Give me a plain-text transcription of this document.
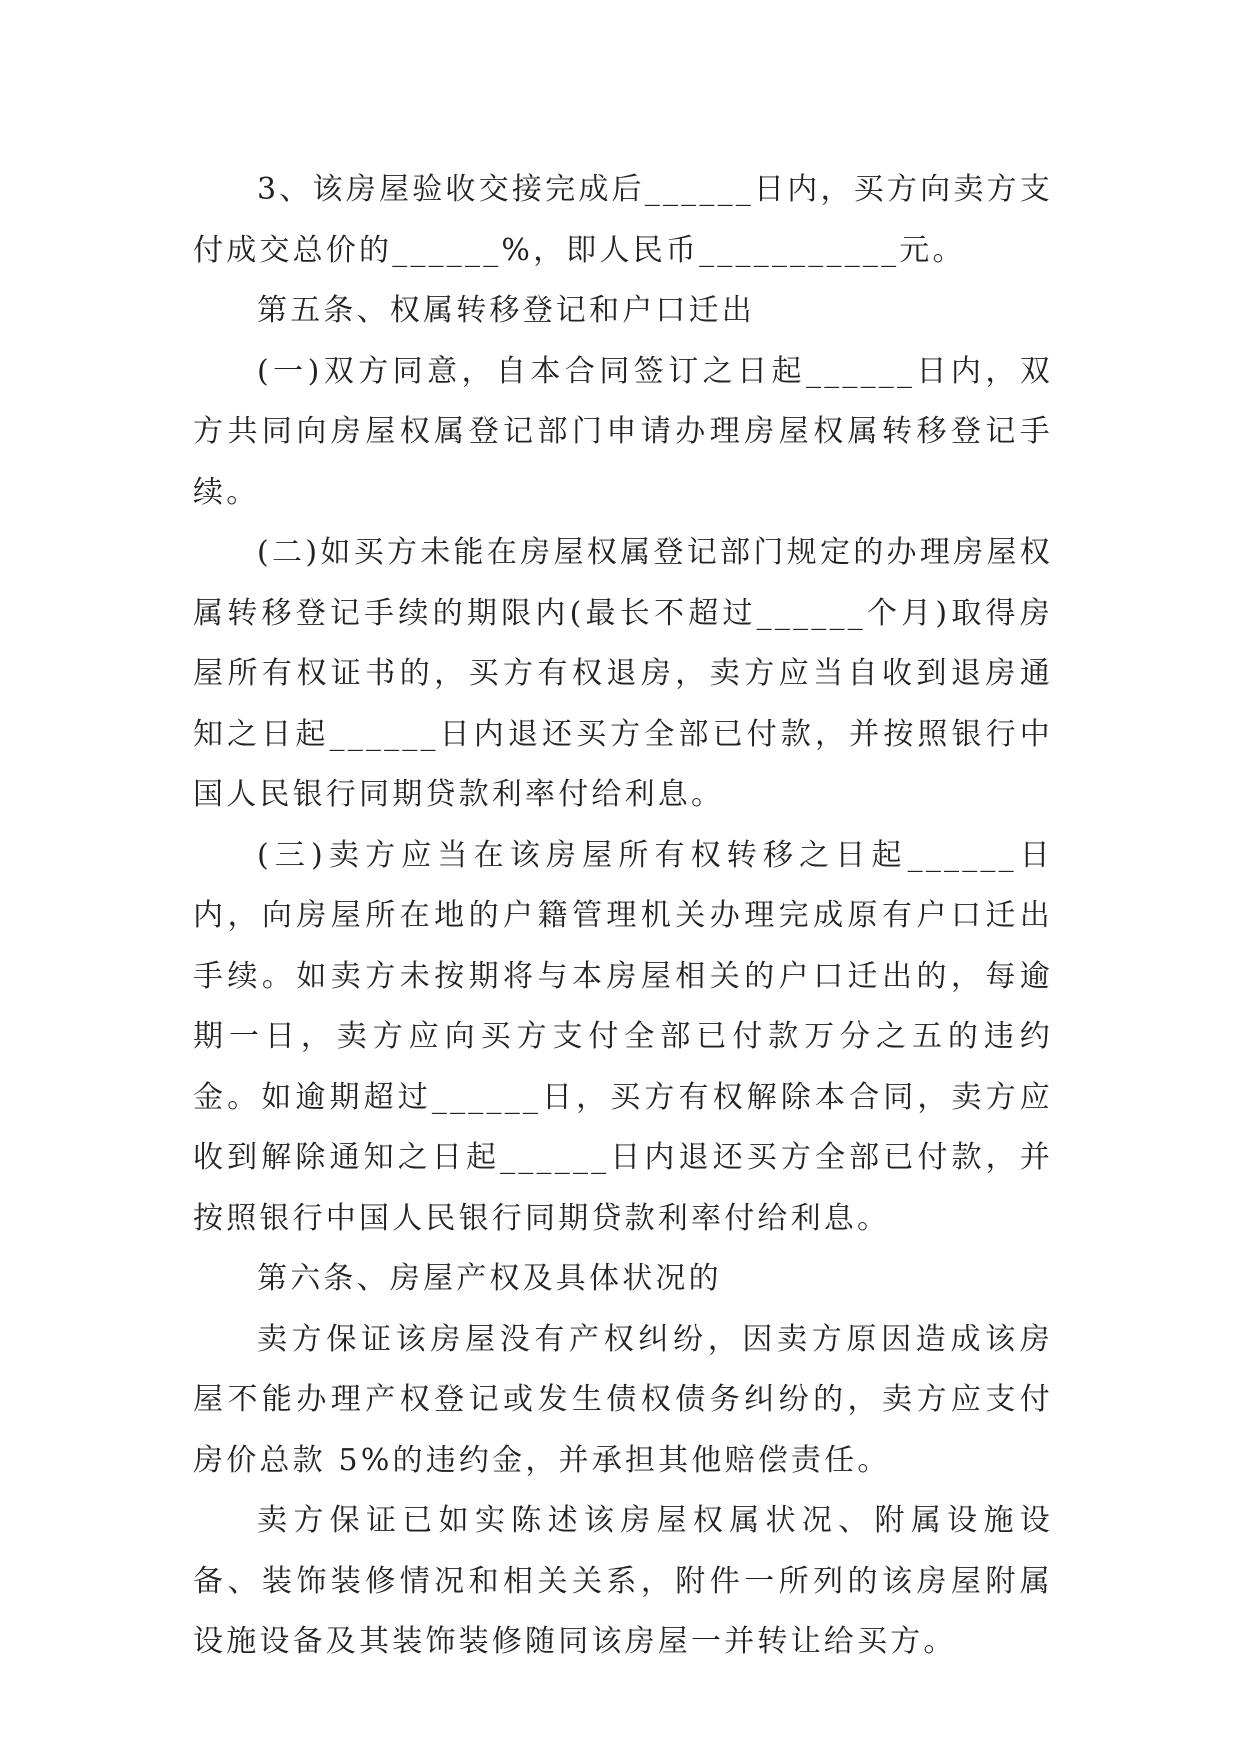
3、该房屋验收交接完成后______日内，买方向卖方支付成交总价的______%，即人民币___________元。

第五条、权属转移登记和户口迁出

(一)双方同意，自本合同签订之日起______日内，双方共同向房屋权属登记部门申请办理房屋权属转移登记手续。

(二)如买方未能在房屋权属登记部门规定的办理房屋权属转移登记手续的期限内(最长不超过______个月)取得房屋所有权证书的，买方有权退房，卖方应当自收到退房通知之日起______日内退还买方全部已付款，并按照银行中国人民银行同期贷款利率付给利息。

(三)卖方应当在该房屋所有权转移之日起______日内，向房屋所在地的户籍管理机关办理完成原有户口迁出手续。如卖方未按期将与本房屋相关的户口迁出的，每逾期一日，卖方应向买方支付全部已付款万分之五的违约金。如逾期超过______日，买方有权解除本合同，卖方应收到解除通知之日起______日内退还买方全部已付款，并按照银行中国人民银行同期贷款利率付给利息。

第六条、房屋产权及具体状况的

卖方保证该房屋没有产权纠纷，因卖方原因造成该房屋不能办理产权登记或发生债权债务纠纷的，卖方应支付房价总款 5%的违约金，并承担其他赔偿责任。

卖方保证已如实陈述该房屋权属状况、附属设施设备、装饰装修情况和相关关系，附件一所列的该房屋附属设施设备及其装饰装修随同该房屋一并转让给买方。
